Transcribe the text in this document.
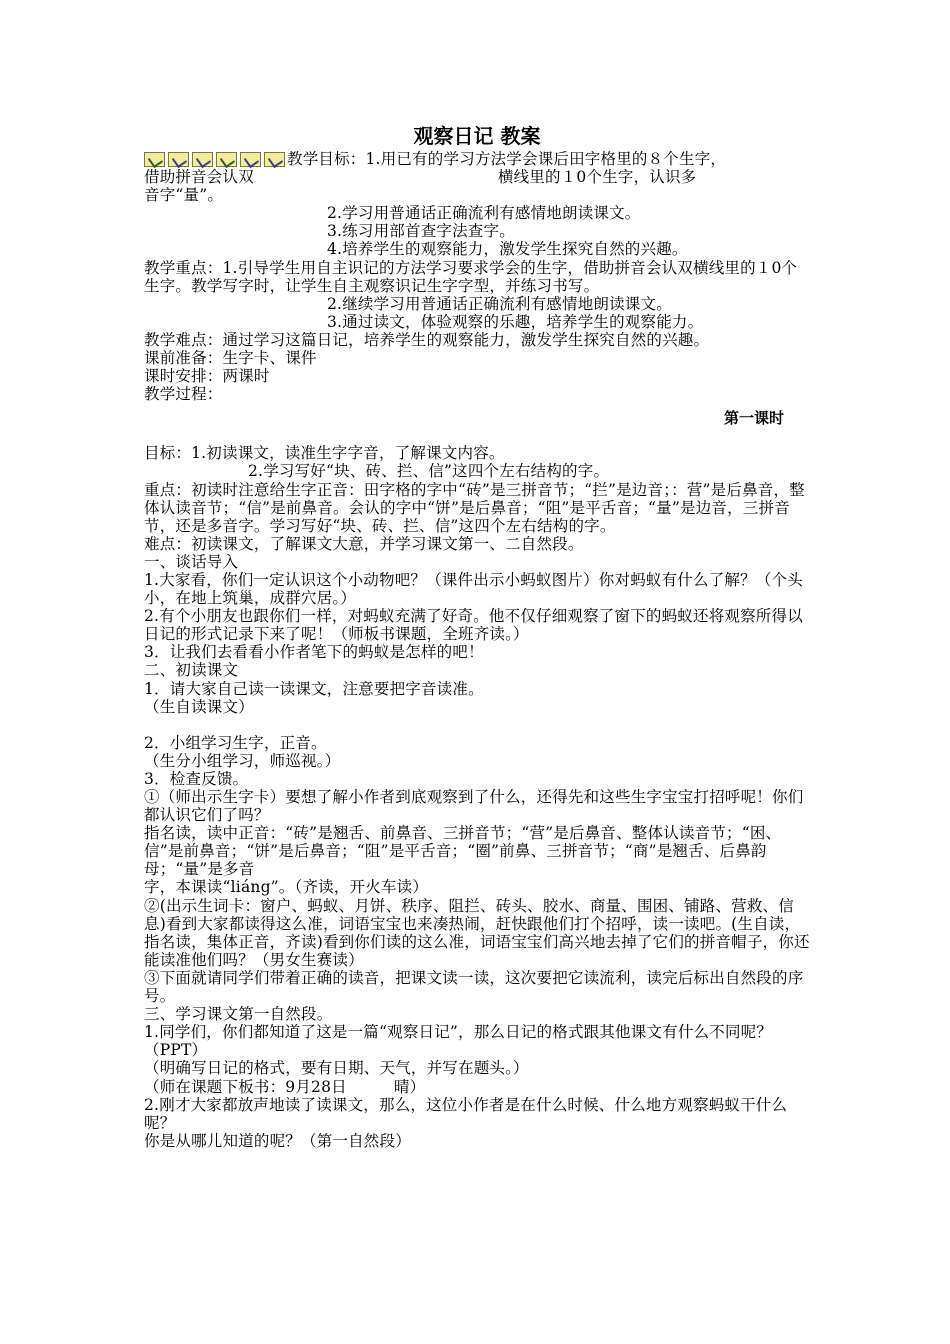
观察日记 教案

教学目标：1.用已有的学习方法学会课后田字格里的８个生字，
借助拼音会认双	横线里的１0个生字，认识多
音字“量”。

2.学习用普通话正确流利有感情地朗读课文。

3.练习用部首查字法查字。

4.培养学生的观察能力，激发学生探究自然的兴趣。

教学重点：1.引导学生用自主识记的方法学习要求学会的生字，借助拼音会认双横线里的１0个生字。教学写字时，让学生自主观察识记生字字型，并练习书写。

2.继续学习用普通话正确流利有感情地朗读课文。

3.通过读文，体验观察的乐趣，培养学生的观察能力。

教学难点：通过学习这篇日记，培养学生的观察能力，激发学生探究自然的兴趣。

课前准备：生字卡、课件

课时安排：两课时

教学过程：

第一课时

目标：1.初读课文，读准生字字音，了解课文内容。

2.学习写好“块、砖、拦、信”这四个左右结构的字。

重点：初读时注意给生字正音：田字格的字中“砖”是三拼音节；“拦”是边音；：营”是后鼻音，整体认读音节；“信”是前鼻音。会认的字中“饼”是后鼻音；“阻”是平舌音；“量”是边音，三拼音节，还是多音字。学习写好“块、砖、拦、信”这四个左右结构的字。

难点：初读课文，了解课文大意，并学习课文第一、二自然段。

一、谈话导入

1.大家看，你们一定认识这个小动物吧？（课件出示小蚂蚁图片）你对蚂蚁有什么了解？（个头小，在地上筑巢，成群穴居。）

2.有个小朋友也跟你们一样，对蚂蚁充满了好奇。他不仅仔细观察了窗下的蚂蚁还将观察所得以日记的形式记录下来了呢！（师板书课题，全班齐读。）

3．让我们去看看小作者笔下的蚂蚁是怎样的吧！

二、初读课文

1．请大家自己读一读课文，注意要把字音读准。

（生自读课文）

2．小组学习生字，正音。

（生分小组学习，师巡视。）

3．检查反馈。

①（师出示生字卡）要想了解小作者到底观察到了什么，还得先和这些生字宝宝打招呼呢！你们都认识它们了吗？

指名读，读中正音：“砖”是翘舌、前鼻音、三拼音节；“营”是后鼻音、整体认读音节；“困、信”是前鼻音；“饼”是后鼻音；“阻”是平舌音；“圈”前鼻、三拼音节；“商”是翘舌、后鼻韵母；“量”是多音

字，本课读“liáng”。（齐读，开火车读）

②(出示生词卡：窗户、蚂蚁、月饼、秩序、阻拦、砖头、胶水、商量、围困、铺路、营救、信息)看到大家都读得这么准，词语宝宝也来凑热闹，赶快跟他们打个招呼，读一读吧。(生自读，指名读，集体正音，齐读)看到你们读的这么准，词语宝宝们高兴地去掉了它们的拼音帽子，你还能读准他们吗？（男女生赛读）

③下面就请同学们带着正确的读音，把课文读一读，这次要把它读流利，读完后标出自然段的序号。

三、学习课文第一自然段。

1.同学们，你们都知道了这是一篇“观察日记”，那么日记的格式跟其他课文有什么不同呢？（PPT）

（明确写日记的格式，要有日期、天气，并写在题头。）

（师在课题下板书：9月28日　　　晴）

2.刚才大家都放声地读了读课文，那么，这位小作者是在什么时候、什么地方观察蚂蚁干什么呢？

你是从哪儿知道的呢？（第一自然段）
